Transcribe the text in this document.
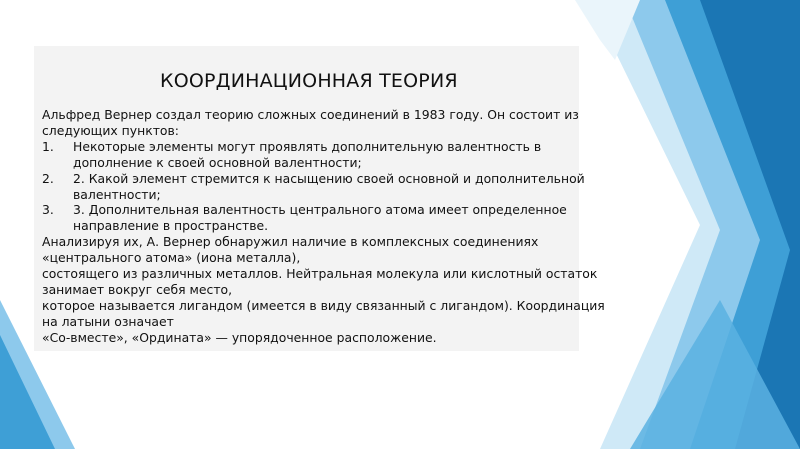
КООРДИНАЦИОННАЯ ТЕОРИЯ

Альфред Вернер создал теорию сложных соединений в 1983 году. Он состоит из следующих пунктов:

1.	Некоторые элементы могут проявлять дополнительную валентность в дополнение к своей основной валентности;
2.	2. Какой элемент стремится к насыщению своей основной и дополнительной валентности;
3.	3. Дополнительная валентность центрального атома имеет определенное направление в пространстве.

Анализируя их, А. Вернер обнаружил наличие в комплексных соединениях «центрального атома» (иона металла),

состоящего из различных металлов. Нейтральная молекула или кислотный остаток занимает вокруг себя место,

которое называется лигандом (имеется в виду связанный с лигандом). Координация на латыни означает

«Со-вместе», «Ордината» — упорядоченное расположение.
